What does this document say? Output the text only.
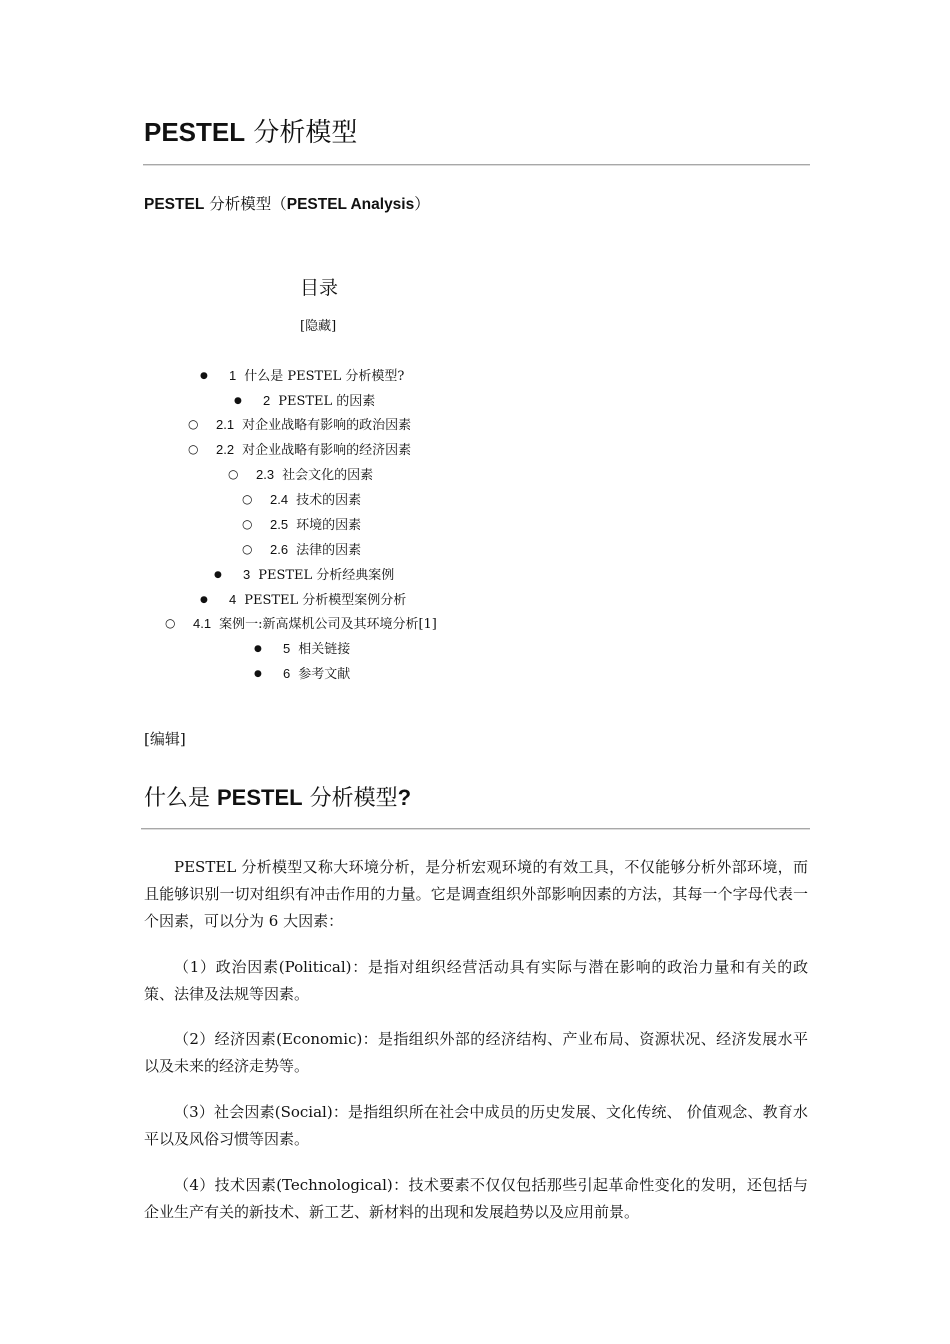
PESTEL 分析模型
PESTEL 分析模型（PESTEL Analysis）
目录
[隐藏]
●
1 什么是 PESTEL 分析模型?
●
2 PESTEL 的因素
○
2.1 对企业战略有影响的政治因素
○
2.2 对企业战略有影响的经济因素
○
2.3 社会文化的因素
○
2.4 技术的因素
○
2.5 环境的因素
○
2.6 法律的因素
●
3 PESTEL 分析经典案例
●
4 PESTEL 分析模型案例分析
○
4.1 案例一:新高煤机公司及其环境分析[1]
●
5 相关链接
●
6 参考文献
[编辑]
什么是 PESTEL 分析模型?
PESTEL 分析模型又称大环境分析，是分析宏观环境的有效工具，不仅能够分析外部环境，而且能够识别一切对组织有冲击作用的力量。它是调查组织外部影响因素的方法，其每一个字母代表一个因素，可以分为 6 大因素：
（1）政治因素(Political)：是指对组织经营活动具有实际与潜在影响的政治力量和有关的政策、法律及法规等因素。
（2）经济因素(Economic)：是指组织外部的经济结构、产业布局、资源状况、经济发展水平以及未来的经济走势等。
（3）社会因素(Social)：是指组织所在社会中成员的历史发展、文化传统、 价值观念、教育水平以及风俗习惯等因素。
（4）技术因素(Technological)：技术要素不仅仅包括那些引起革命性变化的发明，还包括与企业生产有关的新技术、新工艺、新材料的出现和发展趋势以及应用前景。
